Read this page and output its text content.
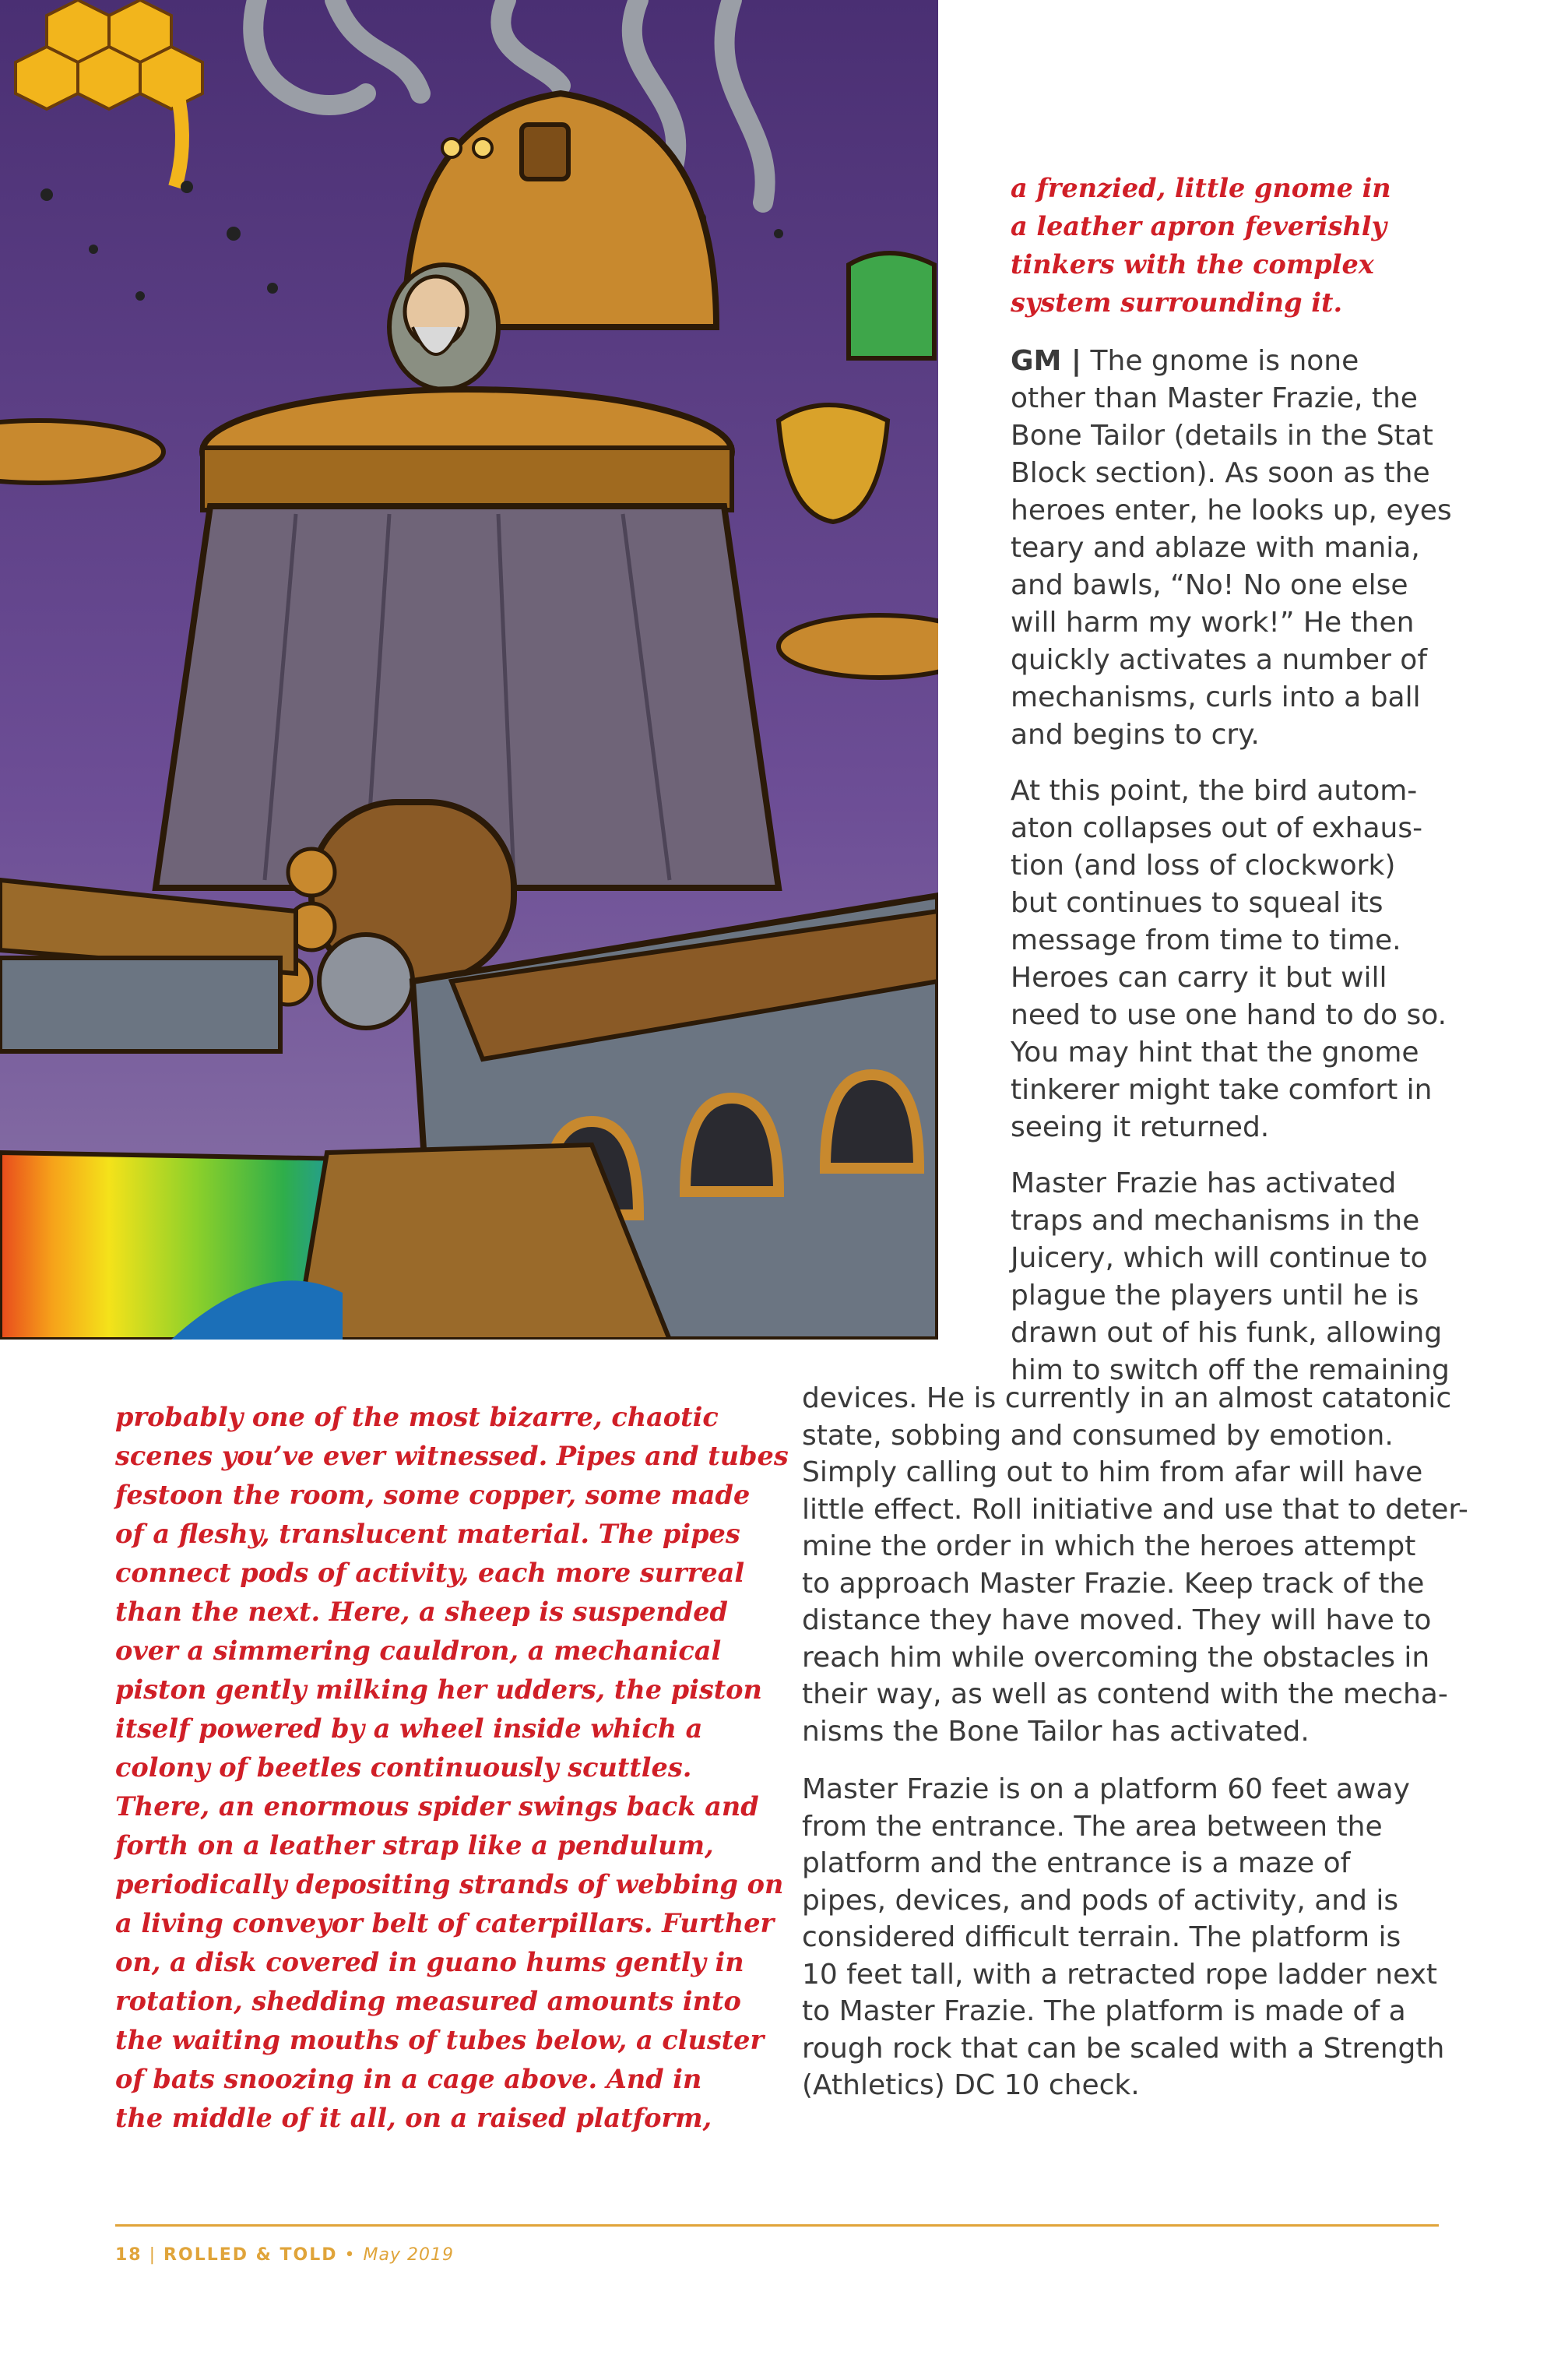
a frenzied, little gnome in
a leather apron feverishly
tinkers with the complex
system surrounding it.

GM | The gnome is none
other than Master Frazie, the
Bone Tailor (details in the Stat
Block section). As soon as the
heroes enter, he looks up, eyes
teary and ablaze with mania,
and bawls, “No! No one else
will harm my work!” He then
quickly activates a number of
mechanisms, curls into a ball
and begins to cry.

At this point, the bird autom-
aton collapses out of exhaus-
tion (and loss of clockwork)
but continues to squeal its
message from time to time.
Heroes can carry it but will
need to use one hand to do so.
You may hint that the gnome
tinkerer might take comfort in
seeing it returned.

Master Frazie has activated
traps and mechanisms in the
Juicery, which will continue to
plague the players until he is
drawn out of his funk, allowing
him to switch off the remaining

devices. He is currently in an almost catatonic
state, sobbing and consumed by emotion.
Simply calling out to him from afar will have
little effect. Roll initiative and use that to deter-
mine the order in which the heroes attempt
to approach Master Frazie. Keep track of the
distance they have moved. They will have to
reach him while overcoming the obstacles in
their way, as well as contend with the mecha-
nisms the Bone Tailor has activated.

Master Frazie is on a platform 60 feet away
from the entrance. The area between the
platform and the entrance is a maze of
pipes, devices, and pods of activity, and is
considered difficult terrain. The platform is
10 feet tall, with a retracted rope ladder next
to Master Frazie. The platform is made of a
rough rock that can be scaled with a Strength
(Athletics) DC 10 check.

probably one of the most bizarre, chaotic
scenes you’ve ever witnessed. Pipes and tubes
festoon the room, some copper, some made
of a fleshy, translucent material. The pipes
connect pods of activity, each more surreal
than the next. Here, a sheep is suspended
over a simmering cauldron, a mechanical
piston gently milking her udders, the piston
itself powered by a wheel inside which a
colony of beetles continuously scuttles.
There, an enormous spider swings back and
forth on a leather strap like a pendulum,
periodically depositing strands of webbing on
a living conveyor belt of caterpillars. Further
on, a disk covered in guano hums gently in
rotation, shedding measured amounts into
the waiting mouths of tubes below, a cluster
of bats snoozing in a cage above. And in
the middle of it all, on a raised platform,
18 | ROLLED & TOLD • May 2019
